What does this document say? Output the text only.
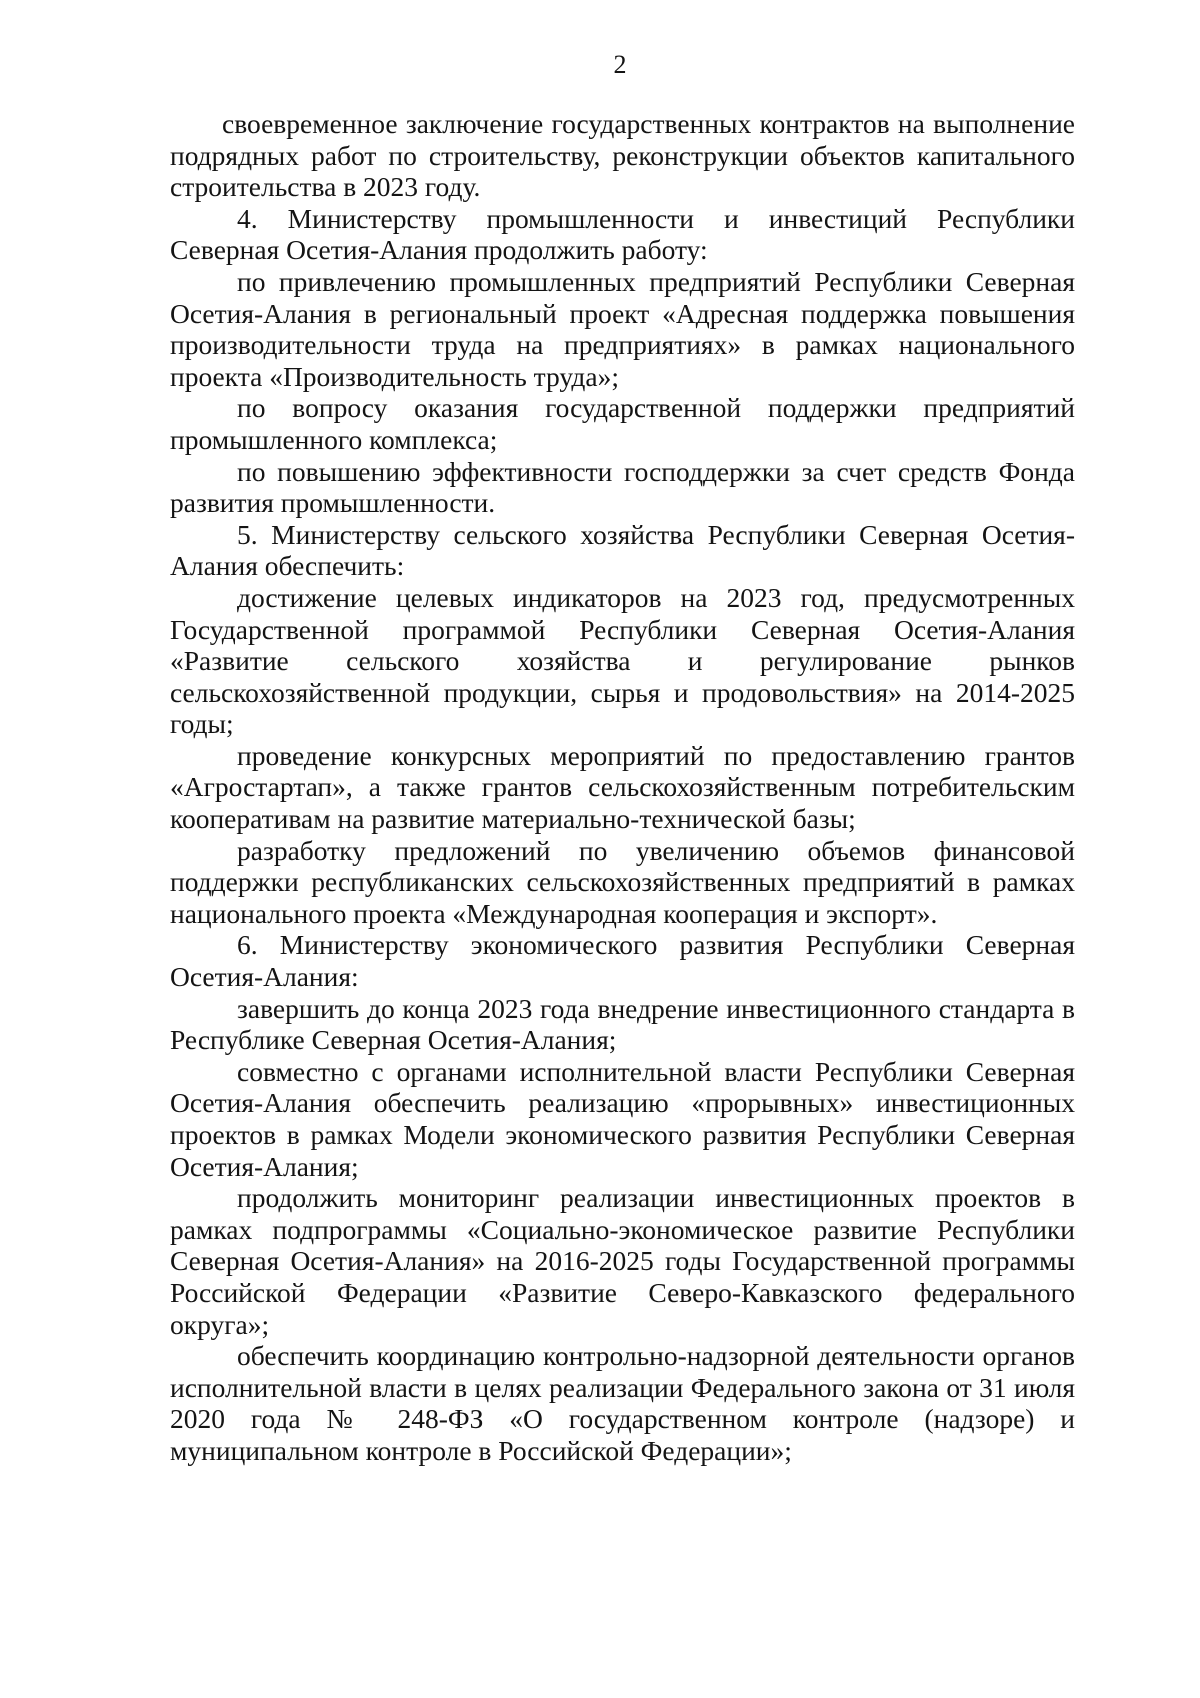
2

своевременное заключение государственных контрактов на выполнение подрядных работ по строительству, реконструкции объектов капитального строительства в 2023 году.

4. Министерству промышленности и инвестиций Республики Северная Осетия-Алания продолжить работу:

по привлечению промышленных предприятий Республики Северная Осетия-Алания в региональный проект «Адресная поддержка повышения производительности труда на предприятиях» в рамках национального проекта «Производительность труда»;

по вопросу оказания государственной поддержки предприятий промышленного комплекса;

по повышению эффективности господдержки за счет средств Фонда развития промышленности.

5. Министерству сельского хозяйства Республики Северная Осетия-Алания обеспечить:

достижение целевых индикаторов на 2023 год, предусмотренных Государственной программой Республики Северная Осетия-Алания «Развитие сельского хозяйства и регулирование рынков сельскохозяйственной продукции, сырья и продовольствия» на 2014-2025 годы;

проведение конкурсных мероприятий по предоставлению грантов «Агростартап», а также грантов сельскохозяйственным потребительским кооперативам на развитие материально-технической базы;

разработку предложений по увеличению объемов финансовой поддержки республиканских сельскохозяйственных предприятий в рамках национального проекта «Международная кооперация и экспорт».

6. Министерству экономического развития Республики Северная Осетия-Алания:

завершить до конца 2023 года внедрение инвестиционного стандарта в Республике Северная Осетия-Алания;

совместно с органами исполнительной власти Республики Северная Осетия-Алания обеспечить реализацию «прорывных» инвестиционных проектов в рамках Модели экономического развития Республики Северная Осетия-Алания;

продолжить мониторинг реализации инвестиционных проектов в рамках подпрограммы «Социально-экономическое развитие Республики Северная Осетия-Алания» на 2016-2025 годы Государственной программы Российской Федерации «Развитие Северо-Кавказского федерального округа»;

обеспечить координацию контрольно-надзорной деятельности органов исполнительной власти в целях реализации Федерального закона от 31 июля 2020 года № 248-ФЗ «О государственном контроле (надзоре) и муниципальном контроле в Российской Федерации»;
